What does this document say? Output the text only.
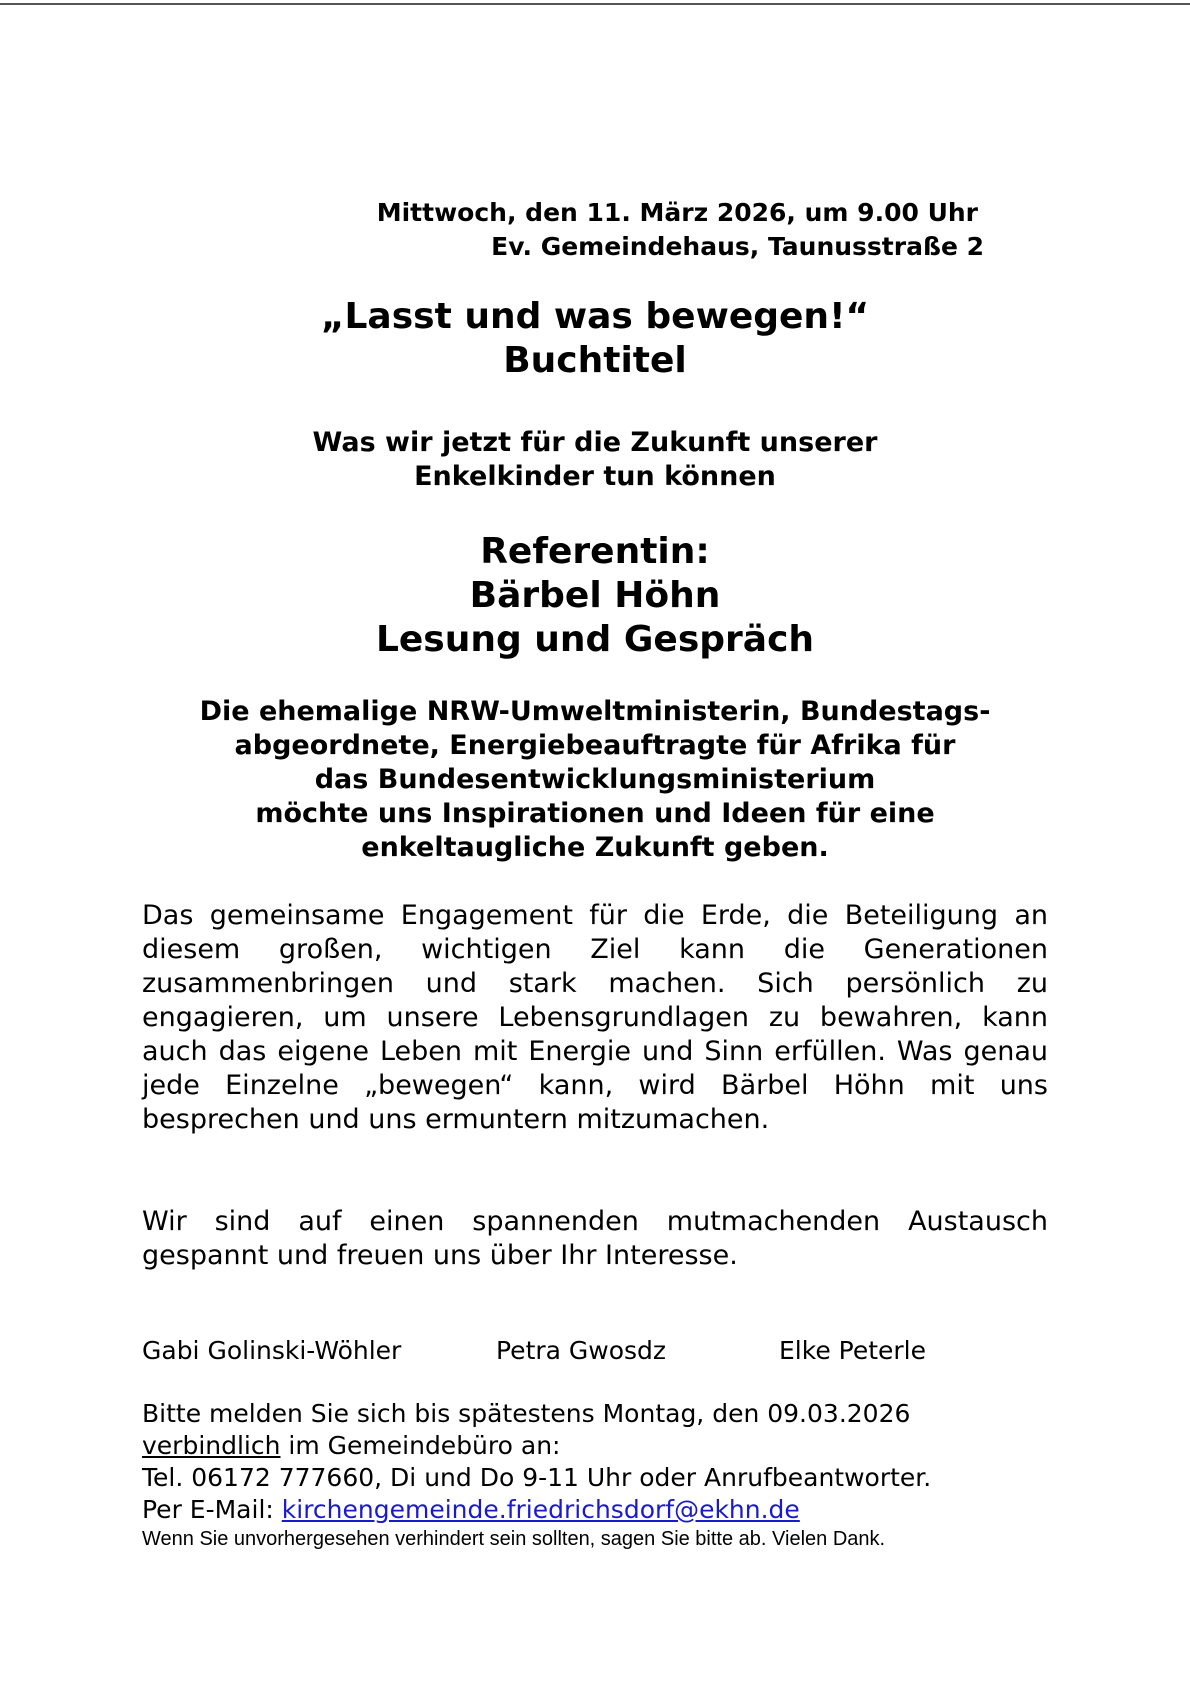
Mittwoch, den 11. März 2026, um 9.00 Uhr

Ev. Gemeindehaus, Taunusstraße 2

„Lasst und was bewegen!“
Buchtitel
Was wir jetzt für die Zukunft unserer
Enkelkinder tun können
Referentin:
Bärbel Höhn
Lesung und Gespräch
Die ehemalige NRW-Umweltministerin, Bundestags-
abgeordnete, Energiebeauftragte für Afrika für
das Bundesentwicklungsministerium
möchte uns Inspirationen und Ideen für eine
enkeltaugliche Zukunft geben.

Das gemeinsame Engagement für die Erde, die Beteiligung an diesem großen, wichtigen Ziel kann die Generationen zusammenbringen und stark machen. Sich persönlich zu engagieren, um unsere Lebensgrundlagen zu bewahren, kann auch das eigene Leben mit Energie und Sinn erfüllen. Was genau jede Einzelne „bewegen“ kann, wird Bärbel Höhn mit uns besprechen und uns ermuntern mitzumachen.

Wir sind auf einen spannenden mutmachenden Austausch gespannt und freuen uns über Ihr Interesse.

Gabi Golinski-Wöhler	Petra Gwosdz	Elke Peterle
Bitte melden Sie sich bis spätestens Montag, den 09.03.2026
verbindlich im Gemeindebüro an:
Tel. 06172 777660, Di und Do 9-11 Uhr oder Anrufbeantworter.
Per E-Mail: kirchengemeinde.friedrichsdorf@ekhn.de

Wenn Sie unvorhergesehen verhindert sein sollten, sagen Sie bitte ab. Vielen Dank.
